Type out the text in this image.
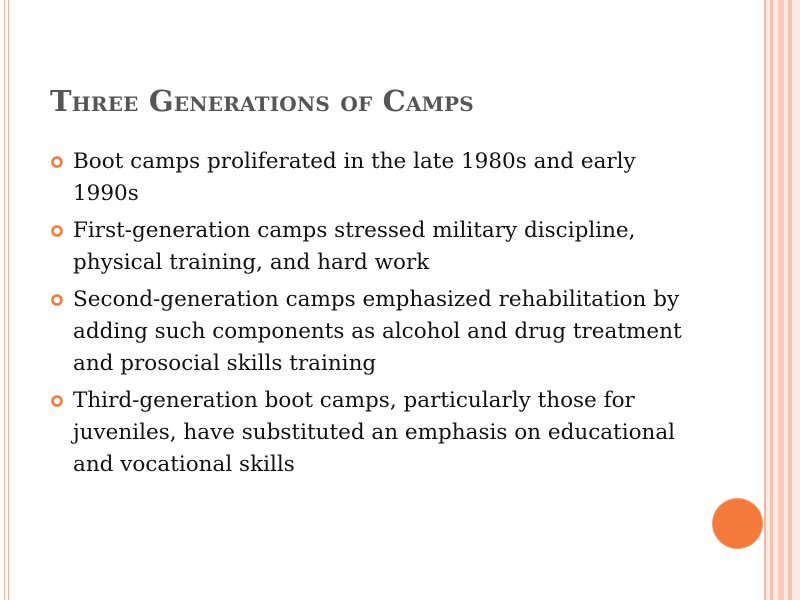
Three Generations of Camps
Boot camps proliferated in the late 1980s and early 1990s
First-generation camps stressed military discipline, physical training, and hard work
Second-generation camps emphasized rehabilitation by adding such components as alcohol and drug treatment and prosocial skills training
Third-generation boot camps, particularly those for juveniles, have substituted an emphasis on educational and vocational skills
